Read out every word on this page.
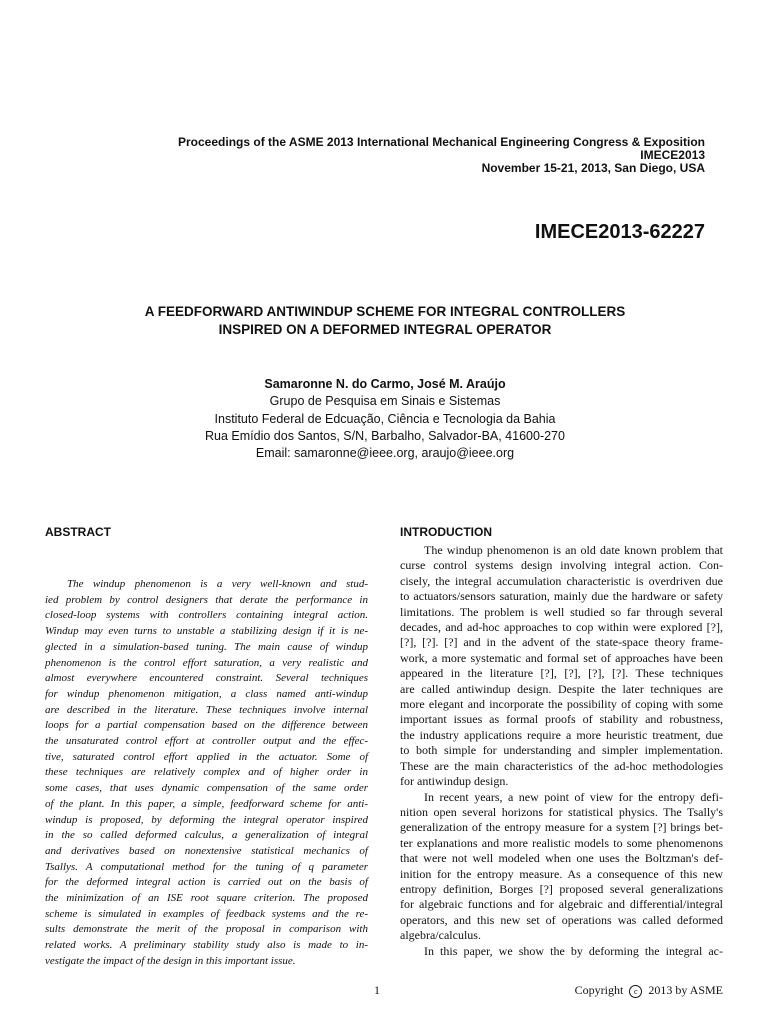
Proceedings of the ASME 2013 International Mechanical Engineering Congress & Exposition
IMECE2013
November 15-21, 2013, San Diego, USA
IMECE2013-62227
A FEEDFORWARD ANTIWINDUP SCHEME FOR INTEGRAL CONTROLLERS
INSPIRED ON A DEFORMED INTEGRAL OPERATOR
Samaronne N. do Carmo, José M. Araújo
Grupo de Pesquisa em Sinais e Sistemas
Instituto Federal de Edcuação, Ciência e Tecnologia da Bahia
Rua Emídio dos Santos, S/N, Barbalho, Salvador-BA, 41600-270
Email: samaronne@ieee.org, araujo@ieee.org
ABSTRACT	INTRODUCTION
The windup phenomenon is a very well-known and stud-
ied problem by control designers that derate the performance in
closed-loop systems with controllers containing integral action.
Windup may even turns to unstable a stabilizing design if it is ne-
glected in a simulation-based tuning. The main cause of windup
phenomenon is the control effort saturation, a very realistic and
almost everywhere encountered constraint. Several techniques
for windup phenomenon mitigation, a class named anti-windup
are described in the literature. These techniques involve internal
loops for a partial compensation based on the difference between
the unsaturated control effort at controller output and the effec-
tive, saturated control effort applied in the actuator. Some of
these techniques are relatively complex and of higher order in
some cases, that uses dynamic compensation of the same order
of the plant. In this paper, a simple, feedforward scheme for anti-
windup is proposed, by deforming the integral operator inspired
in the so called deformed calculus, a generalization of integral
and derivatives based on nonextensive statistical mechanics of
Tsallys. A computational method for the tuning of q parameter
for the deformed integral action is carried out on the basis of
the minimization of an ISE root square criterion. The proposed
scheme is simulated in examples of feedback systems and the re-
sults demonstrate the merit of the proposal in comparison with
related works. A preliminary stability study also is made to in-
vestigate the impact of the design in this important issue.
The windup phenomenon is an old date known problem that
curse control systems design involving integral action. Con-
cisely, the integral accumulation characteristic is overdriven due
to actuators/sensors saturation, mainly due the hardware or safety
limitations. The problem is well studied so far through several
decades, and ad-hoc approaches to cop within were explored [?],
[?], [?]. [?] and in the advent of the state-space theory frame-
work, a more systematic and formal set of approaches have been
appeared in the literature [?], [?], [?], [?]. These techniques
are called antiwindup design. Despite the later techniques are
more elegant and incorporate the possibility of coping with some
important issues as formal proofs of stability and robustness,
the industry applications require a more heuristic treatment, due
to both simple for understanding and simpler implementation.
These are the main characteristics of the ad-hoc methodologies
for antiwindup design.
In recent years, a new point of view for the entropy defi-
nition open several horizons for statistical physics. The Tsally's
generalization of the entropy measure for a system [?] brings bet-
ter explanations and more realistic models to some phenomenons
that were not well modeled when one uses the Boltzman's def-
inition for the entropy measure. As a consequence of this new
entropy definition, Borges [?] proposed several generalizations
for algebraic functions and for algebraic and differential/integral
operators, and this new set of operations was called deformed
algebra/calculus.
In this paper, we show the by deforming the integral ac-
1	Copyright c 2013 by ASME
